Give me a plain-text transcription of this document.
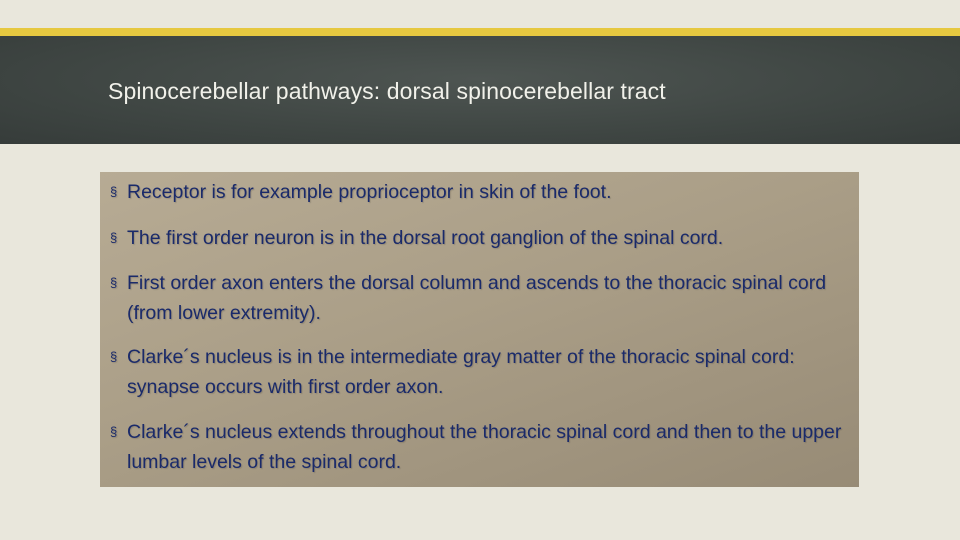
Spinocerebellar pathways: dorsal spinocerebellar tract
§ Receptor is for example proprioceptor in skin of the foot.
§ The first order neuron is in the dorsal root ganglion of the spinal cord.
§ First order axon enters the dorsal column and ascends to the thoracic spinal cord (from lower extremity).
§ Clarke´s nucleus is in the intermediate gray matter of the thoracic spinal cord: synapse occurs with first order axon.
§ Clarke´s nucleus extends throughout the thoracic spinal cord and then to the upper lumbar levels of the spinal cord.
